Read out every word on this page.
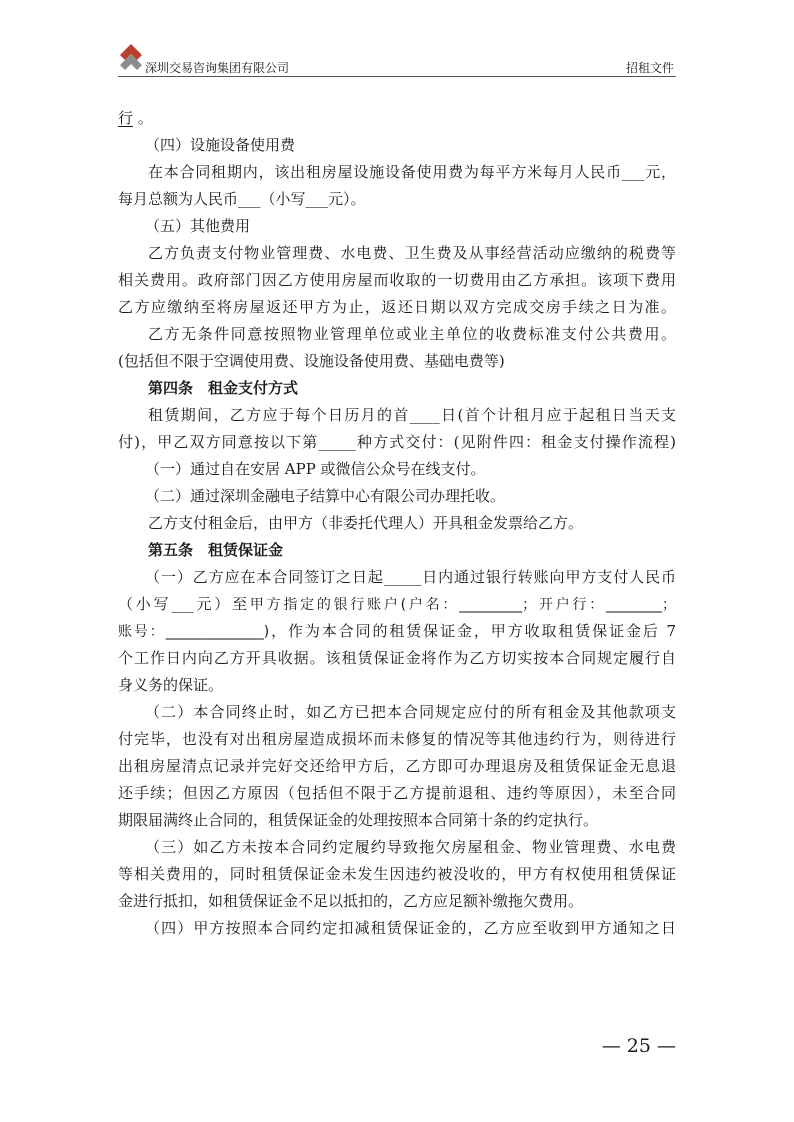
深圳交易咨询集团有限公司	招租文件
行 。
（四）设施设备使用费
在本合同租期内，该出租房屋设施设备使用费为每平方米每月人民币___元，
每月总额为人民币___（小写___元）。
（五）其他费用
乙方负责支付物业管理费、水电费、卫生费及从事经营活动应缴纳的税费等
相关费用。政府部门因乙方使用房屋而收取的一切费用由乙方承担。该项下费用
乙方应缴纳至将房屋返还甲方为止，返还日期以双方完成交房手续之日为准。
乙方无条件同意按照物业管理单位或业主单位的收费标准支付公共费用。
(包括但不限于空调使用费、设施设备使用费、基础电费等)
第四条　租金支付方式
租赁期间，乙方应于每个日历月的首____日(首个计租月应于起租日当天支
付)，甲乙双方同意按以下第_____种方式交付：(见附件四：租金支付操作流程)
（一）通过自在安居 APP 或微信公众号在线支付。
（二）通过深圳金融电子结算中心有限公司办理托收。
乙方支付租金后，由甲方（非委托代理人）开具租金发票给乙方。
第五条　租赁保证金
（一）乙方应在本合同签订之日起_____日内通过银行转账向甲方支付人民币
（小写___元）至甲方指定的银行账户(户名：_________；开户行：________；
账号：______________)，作为本合同的租赁保证金，甲方收取租赁保证金后 7
个工作日内向乙方开具收据。该租赁保证金将作为乙方切实按本合同规定履行自
身义务的保证。
（二）本合同终止时，如乙方已把本合同规定应付的所有租金及其他款项支
付完毕，也没有对出租房屋造成损坏而未修复的情况等其他违约行为，则待进行
出租房屋清点记录并完好交还给甲方后，乙方即可办理退房及租赁保证金无息退
还手续；但因乙方原因（包括但不限于乙方提前退租、违约等原因），未至合同
期限届满终止合同的，租赁保证金的处理按照本合同第十条的约定执行。
（三）如乙方未按本合同约定履约导致拖欠房屋租金、物业管理费、水电费
等相关费用的，同时租赁保证金未发生因违约被没收的，甲方有权使用租赁保证
金进行抵扣，如租赁保证金不足以抵扣的，乙方应足额补缴拖欠费用。
（四）甲方按照本合同约定扣减租赁保证金的，乙方应至收到甲方通知之日
— 25 —
